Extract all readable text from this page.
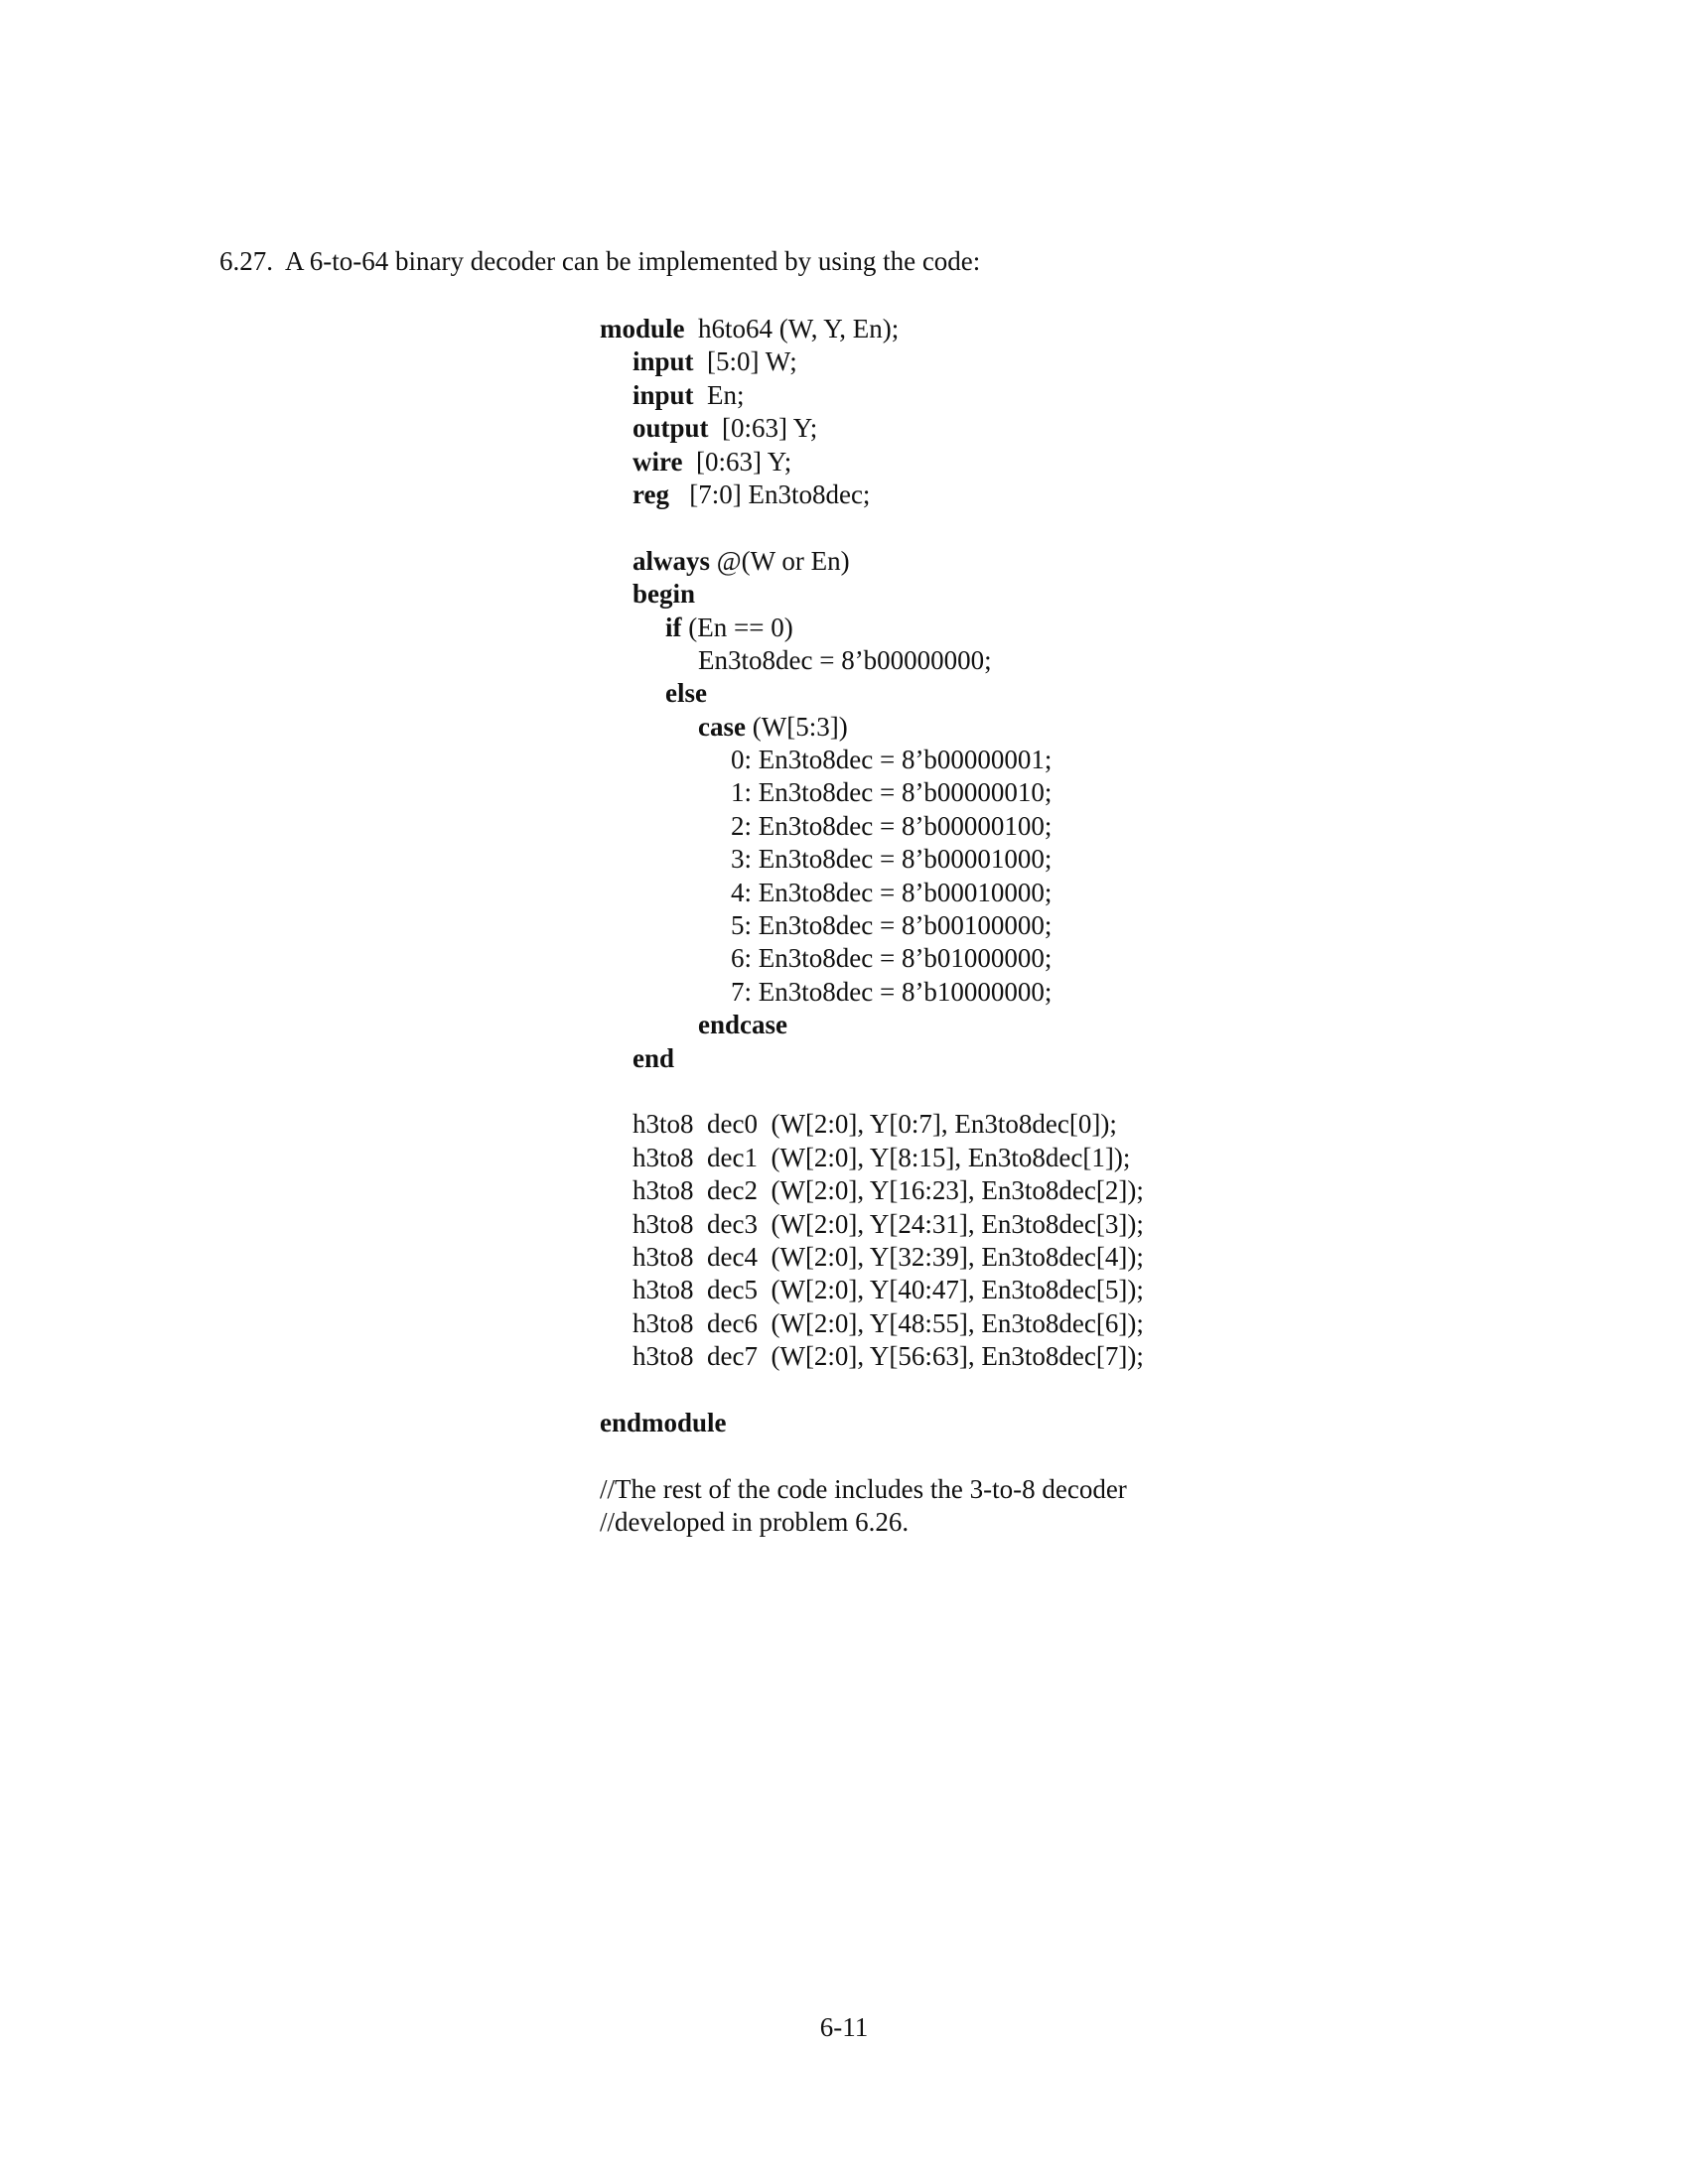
6.27.  A 6-to-64 binary decoder can be implemented by using the code:

module  h6to64 (W, Y, En);
input  [5:0] W;
input  En;
output  [0:63] Y;
wire  [0:63] Y;
reg   [7:0] En3to8dec;
always @(W or En)
begin
if (En == 0)
En3to8dec = 8’b00000000;
else
case (W[5:3])
0: En3to8dec = 8’b00000001;
1: En3to8dec = 8’b00000010;
2: En3to8dec = 8’b00000100;
3: En3to8dec = 8’b00001000;
4: En3to8dec = 8’b00010000;
5: En3to8dec = 8’b00100000;
6: En3to8dec = 8’b01000000;
7: En3to8dec = 8’b10000000;
endcase
end
h3to8  dec0  (W[2:0], Y[0:7], En3to8dec[0]);
h3to8  dec1  (W[2:0], Y[8:15], En3to8dec[1]);
h3to8  dec2  (W[2:0], Y[16:23], En3to8dec[2]);
h3to8  dec3  (W[2:0], Y[24:31], En3to8dec[3]);
h3to8  dec4  (W[2:0], Y[32:39], En3to8dec[4]);
h3to8  dec5  (W[2:0], Y[40:47], En3to8dec[5]);
h3to8  dec6  (W[2:0], Y[48:55], En3to8dec[6]);
h3to8  dec7  (W[2:0], Y[56:63], En3to8dec[7]);
endmodule
//The rest of the code includes the 3-to-8 decoder
//developed in problem 6.26.

6-11
